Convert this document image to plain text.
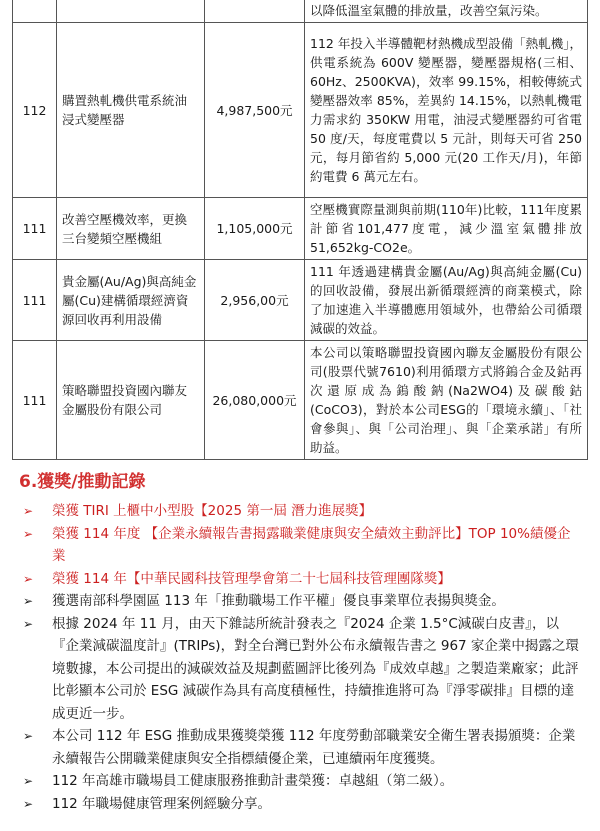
			以降低溫室氣體的排放量，改善空氣污染。
112	購置熱軋機供電系統油浸式變壓器	4,987,500元	112 年投入半導體靶材熱機成型設備「熱軋機」，供電系統為 600V 變壓器，變壓器規格(三相、60Hz、2500KVA)，效率 99.15%，相較傳統式變壓器效率 85%，差異約 14.15%，以熱軋機電力需求約 350KW 用電，油浸式變壓器約可省電 50 度/天，每度電費以 5 元計，則每天可省 250 元，每月節省約 5,000 元(20 工作天/月)，年節約電費 6 萬元左右。
111	改善空壓機效率，更換三台變頻空壓機組	1,105,000元	空壓機實際量測與前期(110年)比較，111年度累計節省101,477度電，減少溫室氣體排放51,652kg-CO2e。
111	貴金屬(Au/Ag)與高純金屬(Cu)建構循環經濟資源回收再利用設備	2,956,00元	111 年透過建構貴金屬(Au/Ag)與高純金屬(Cu)的回收設備，發展出新循環經濟的商業模式，除了加速進入半導體應用領域外，也帶給公司循環減碳的效益。
111	策略聯盟投資國內聯友金屬股份有限公司	26,080,000元	本公司以策略聯盟投資國內聯友金屬股份有限公司(股票代號7610)利用循環方式將鎢合金及鈷再次還原成為鎢酸鈉(Na2WO4)及碳酸鈷(CoCO3)，對於本公司ESG的「環境永續」、「社會參與」、與「公司治理」、與「企業承諾」有所助益。
6.獲獎/推動記錄
➢ 榮獲 TIRI 上櫃中小型股【2025 第一屆 潛力進展獎】
➢ 榮獲 114 年度 【企業永續報告書揭露職業健康與安全績效主動評比】TOP 10%績優企業
➢ 榮獲 114 年【中華民國科技管理學會第二十七屆科技管理團隊獎】
➢ 獲選南部科學園區 113 年「推動職場工作平權」優良事業單位表揚與獎金。
➢ 根據 2024 年 11 月，由天下雜誌所統計發表之『2024 企業 1.5°C減碳白皮書』，以『企業減碳溫度計』(TRIPs)，對全台灣已對外公布永續報告書之 967 家企業中揭露之環境數據，本公司提出的減碳效益及規劃藍圖評比後列為『成效卓越』之製造業廠家；此評比彰顯本公司於 ESG 減碳作為具有高度積極性，持續推進將可為『淨零碳排』目標的達成更近一步。
➢ 本公司 112 年 ESG 推動成果獲獎榮獲 112 年度勞動部職業安全衛生署表揚頒獎：企業永續報告公開職業健康與安全指標績優企業，已連續兩年度獲獎。
➢ 112 年高雄市職場員工健康服務推動計畫榮獲：卓越組（第二級）。
➢ 112 年職場健康管理案例經驗分享。
